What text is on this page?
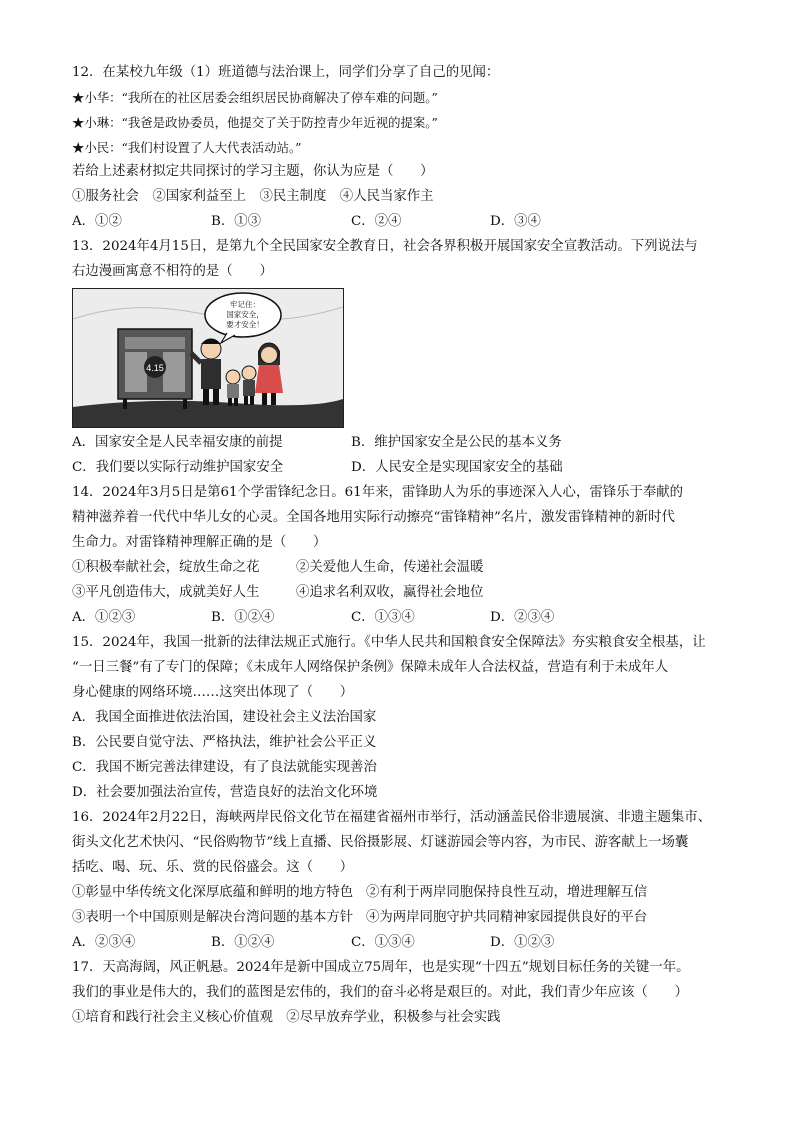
12．在某校九年级（1）班道德与法治课上，同学们分享了自己的见闻：
★小华：“我所在的社区居委会组织居民协商解决了停车难的问题。”
★小琳：“我爸是政协委员，他提交了关于防控青少年近视的提案。”
★小民：“我们村设置了人大代表活动站。”
若给上述素材拟定共同探讨的学习主题，你认为应是（　　）
①服务社会　②国家利益至上　③民主制度　④人民当家作主
A．①②	B．①③	C．②④	D．③④
13．2024年4月15日，是第九个全民国家安全教育日，社会各界积极开展国家安全宣教活动。下列说法与
右边漫画寓意不相符的是（　　）
4.15
牢记住：
国家安全，
要才安全！
A．国家安全是人民幸福安康的前提	B．维护国家安全是公民的基本义务
C．我们要以实际行动维护国家安全	D．人民安全是实现国家安全的基础
14．2024年3月5日是第61个学雷锋纪念日。61年来，雷锋助人为乐的事迹深入人心，雷锋乐于奉献的
精神滋养着一代代中华儿女的心灵。全国各地用实际行动擦亮“雷锋精神”名片，激发雷锋精神的新时代
生命力。对雷锋精神理解正确的是（　　）
①积极奉献社会，绽放生命之花	②关爱他人生命，传递社会温暖
③平凡创造伟大，成就美好人生	④追求名利双收，赢得社会地位
A．①②③	B．①②④	C．①③④	D．②③④
15．2024年，我国一批新的法律法规正式施行。《中华人民共和国粮食安全保障法》夯实粮食安全根基，让
“一日三餐”有了专门的保障；《未成年人网络保护条例》保障未成年人合法权益，营造有利于未成年人
身心健康的网络环境……这突出体现了（　　）
A．我国全面推进依法治国，建设社会主义法治国家
B．公民要自觉守法、严格执法，维护社会公平正义
C．我国不断完善法律建设，有了良法就能实现善治
D．社会要加强法治宣传，营造良好的法治文化环境
16．2024年2月22日，海峡两岸民俗文化节在福建省福州市举行，活动涵盖民俗非遗展演、非遗主题集市、
街头文化艺术快闪、“民俗购物节”线上直播、民俗摄影展、灯谜游园会等内容，为市民、游客献上一场囊
括吃、喝、玩、乐、赏的民俗盛会。这（　　）
①彰显中华传统文化深厚底蕴和鲜明的地方特色 ②有利于两岸同胞保持良性互动，增进理解互信
③表明一个中国原则是解决台湾问题的基本方针 ④为两岸同胞守护共同精神家园提供良好的平台
A．②③④	B．①②④	C．①③④	D．①②③
17．天高海阔，风正帆悬。2024年是新中国成立75周年，也是实现“十四五”规划目标任务的关键一年。
我们的事业是伟大的，我们的蓝图是宏伟的，我们的奋斗必将是艰巨的。对此，我们青少年应该（　　）
①培育和践行社会主义核心价值观　②尽早放弃学业，积极参与社会实践
